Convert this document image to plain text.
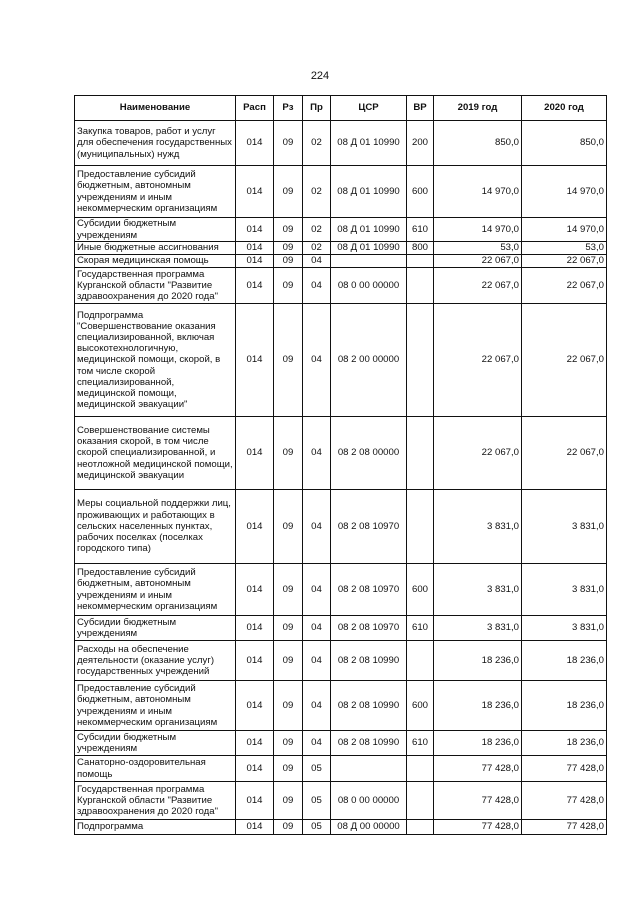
224
Наименование	Расп	Рз	Пр	ЦСР	ВР	2019 год	2020 год
Закупка товаров, работ и услуг для обеспечения государственных (муниципальных) нужд	014	09	02	08 Д 01 10990	200	850,0	850,0
Предоставление субсидий бюджетным, автономным учреждениям и иным некоммерческим организациям	014	09	02	08 Д 01 10990	600	14 970,0	14 970,0
Субсидии бюджетным учреждениям	014	09	02	08 Д 01 10990	610	14 970,0	14 970,0
Иные бюджетные ассигнования	014	09	02	08 Д 01 10990	800	53,0	53,0
Скорая медицинская помощь	014	09	04			22 067,0	22 067,0
Государственная программа Курганской области "Развитие здравоохранения до 2020 года"	014	09	04	08 0 00 00000		22 067,0	22 067,0
Подпрограмма "Совершенствование оказания специализированной, включая высокотехнологичную, медицинской помощи, скорой, в том числе скорой специализированной, медицинской помощи, медицинской эвакуации"	014	09	04	08 2 00 00000		22 067,0	22 067,0
Совершенствование системы оказания скорой, в том числе скорой специализированной, и неотложной медицинской помощи, медицинской эвакуации	014	09	04	08 2 08 00000		22 067,0	22 067,0
Меры социальной поддержки лиц, проживающих и работающих в сельских населенных пунктах, рабочих поселках (поселках городского типа)	014	09	04	08 2 08 10970		3 831,0	3 831,0
Предоставление субсидий бюджетным, автономным учреждениям и иным некоммерческим организациям	014	09	04	08 2 08 10970	600	3 831,0	3 831,0
Субсидии бюджетным учреждениям	014	09	04	08 2 08 10970	610	3 831,0	3 831,0
Расходы на обеспечение деятельности (оказание услуг) государственных учреждений	014	09	04	08 2 08 10990		18 236,0	18 236,0
Предоставление субсидий бюджетным, автономным учреждениям и иным некоммерческим организациям	014	09	04	08 2 08 10990	600	18 236,0	18 236,0
Субсидии бюджетным учреждениям	014	09	04	08 2 08 10990	610	18 236,0	18 236,0
Санаторно-оздоровительная помощь	014	09	05			77 428,0	77 428,0
Государственная программа Курганской области "Развитие здравоохранения до 2020 года"	014	09	05	08 0 00 00000		77 428,0	77 428,0
Подпрограмма	014	09	05	08 Д 00 00000		77 428,0	77 428,0
